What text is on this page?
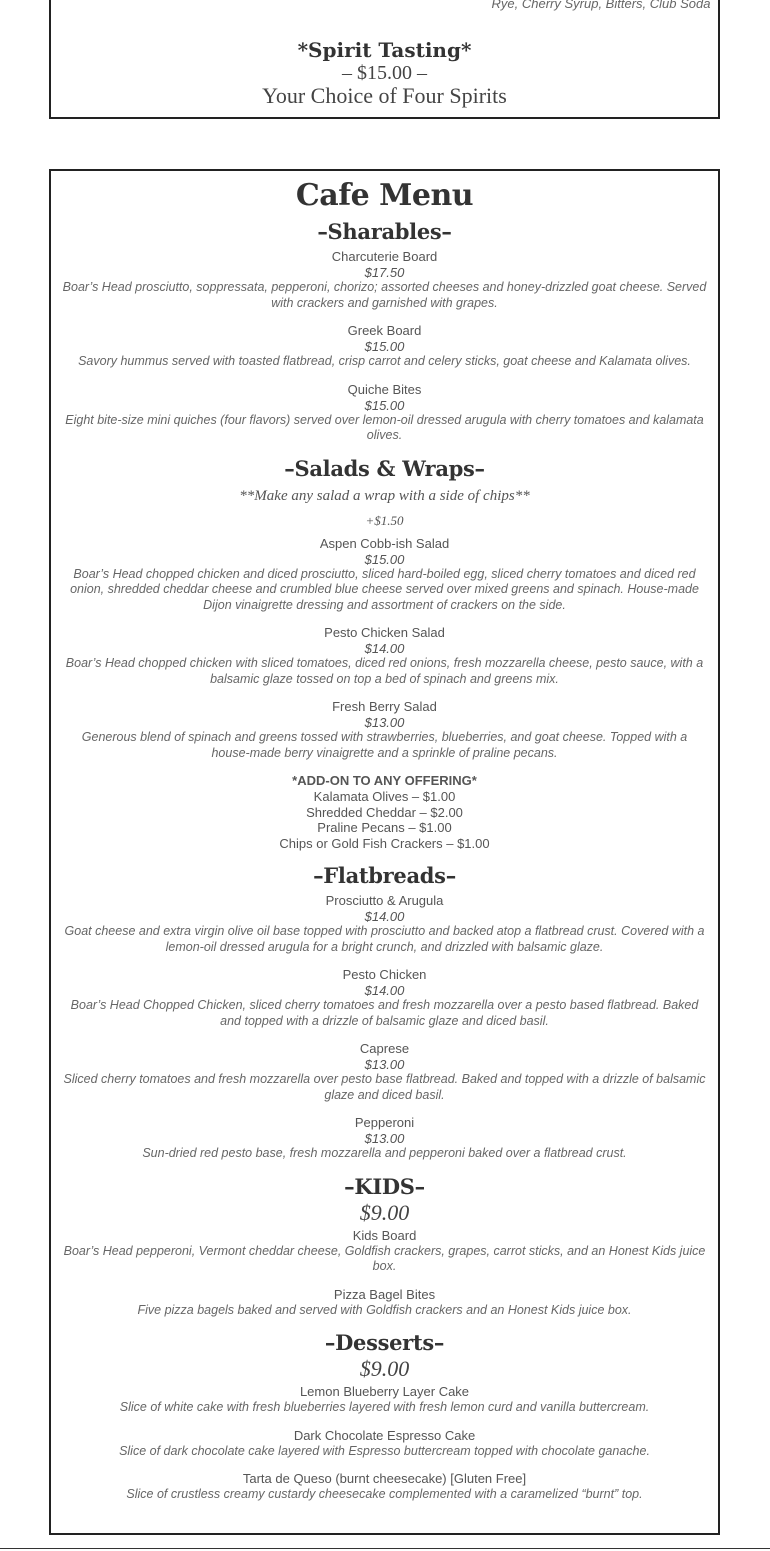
Rye, Cherry Syrup, Bitters, Club Soda
*Spirit Tasting*
– $15.00 –
Your Choice of Four Spirits
Cafe Menu
–Sharables–
Charcuterie Board
$17.50
Boar’s Head prosciutto, soppressata, pepperoni, chorizo; assorted cheeses and honey-drizzled goat cheese. Served with crackers and garnished with grapes.
Greek Board
$15.00
Savory hummus served with toasted flatbread, crisp carrot and celery sticks, goat cheese and Kalamata olives.
Quiche Bites
$15.00
Eight bite-size mini quiches (four flavors) served over lemon-oil dressed arugula with cherry tomatoes and kalamata olives.
–Salads & Wraps–
**Make any salad a wrap with a side of chips**
+$1.50
Aspen Cobb-ish Salad
$15.00
Boar’s Head chopped chicken and diced prosciutto, sliced hard-boiled egg, sliced cherry tomatoes and diced red onion, shredded cheddar cheese and crumbled blue cheese served over mixed greens and spinach. House-made Dijon vinaigrette dressing and assortment of crackers on the side.
Pesto Chicken Salad
$14.00
Boar’s Head chopped chicken with sliced tomatoes, diced red onions, fresh mozzarella cheese, pesto sauce, with a balsamic glaze tossed on top a bed of spinach and greens mix.
Fresh Berry Salad
$13.00
Generous blend of spinach and greens tossed with strawberries, blueberries, and goat cheese. Topped with a house-made berry vinaigrette and a sprinkle of praline pecans.
*ADD-ON TO ANY OFFERING*
Kalamata Olives – $1.00
Shredded Cheddar – $2.00
Praline Pecans – $1.00
Chips or Gold Fish Crackers – $1.00
–Flatbreads–
Prosciutto & Arugula
$14.00
Goat cheese and extra virgin olive oil base topped with prosciutto and backed atop a flatbread crust. Covered with a lemon-oil dressed arugula for a bright crunch, and drizzled with balsamic glaze.
Pesto Chicken
$14.00
Boar’s Head Chopped Chicken, sliced cherry tomatoes and fresh mozzarella over a pesto based flatbread. Baked and topped with a drizzle of balsamic glaze and diced basil.
Caprese
$13.00
Sliced cherry tomatoes and fresh mozzarella over pesto base flatbread. Baked and topped with a drizzle of balsamic glaze and diced basil.
Pepperoni
$13.00
Sun-dried red pesto base, fresh mozzarella and pepperoni baked over a flatbread crust.
–KIDS–
$9.00
Kids Board
Boar’s Head pepperoni, Vermont cheddar cheese, Goldfish crackers, grapes, carrot sticks, and an Honest Kids juice box.
Pizza Bagel Bites
Five pizza bagels baked and served with Goldfish crackers and an Honest Kids juice box.
–Desserts–
$9.00
Lemon Blueberry Layer Cake
Slice of white cake with fresh blueberries layered with fresh lemon curd and vanilla buttercream.
Dark Chocolate Espresso Cake
Slice of dark chocolate cake layered with Espresso buttercream topped with chocolate ganache.
Tarta de Queso (burnt cheesecake) [Gluten Free]
Slice of crustless creamy custardy cheesecake complemented with a caramelized “burnt” top.
